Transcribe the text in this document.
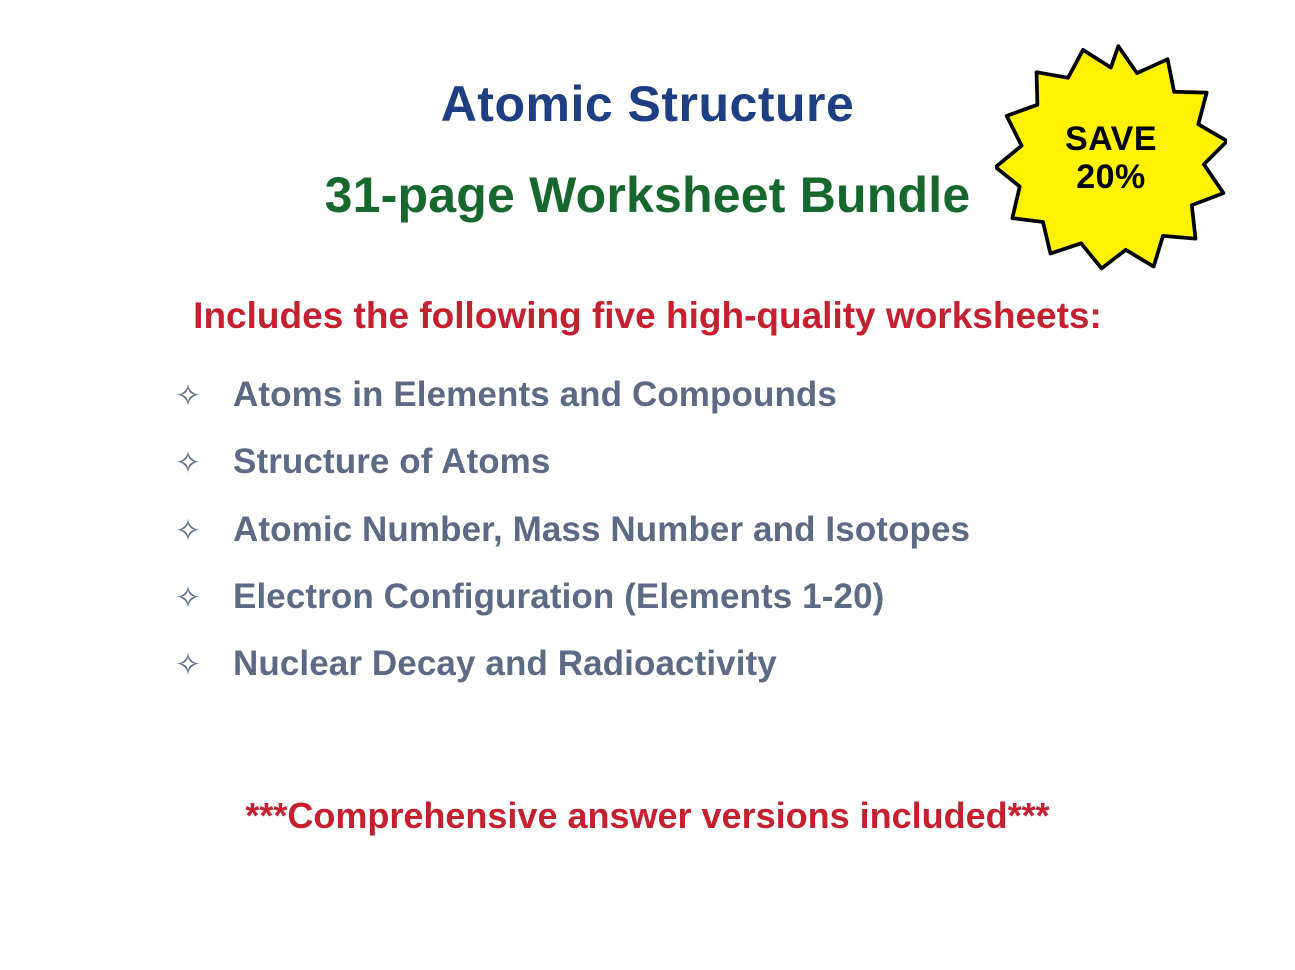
Atomic Structure
31-page Worksheet Bundle
SAVE
20%
Includes the following five high-quality worksheets:
✧ Atoms in Elements and Compounds
✧ Structure of Atoms
✧ Atomic Number, Mass Number and Isotopes
✧ Electron Configuration (Elements 1-20)
✧ Nuclear Decay and Radioactivity
***Comprehensive answer versions included***
